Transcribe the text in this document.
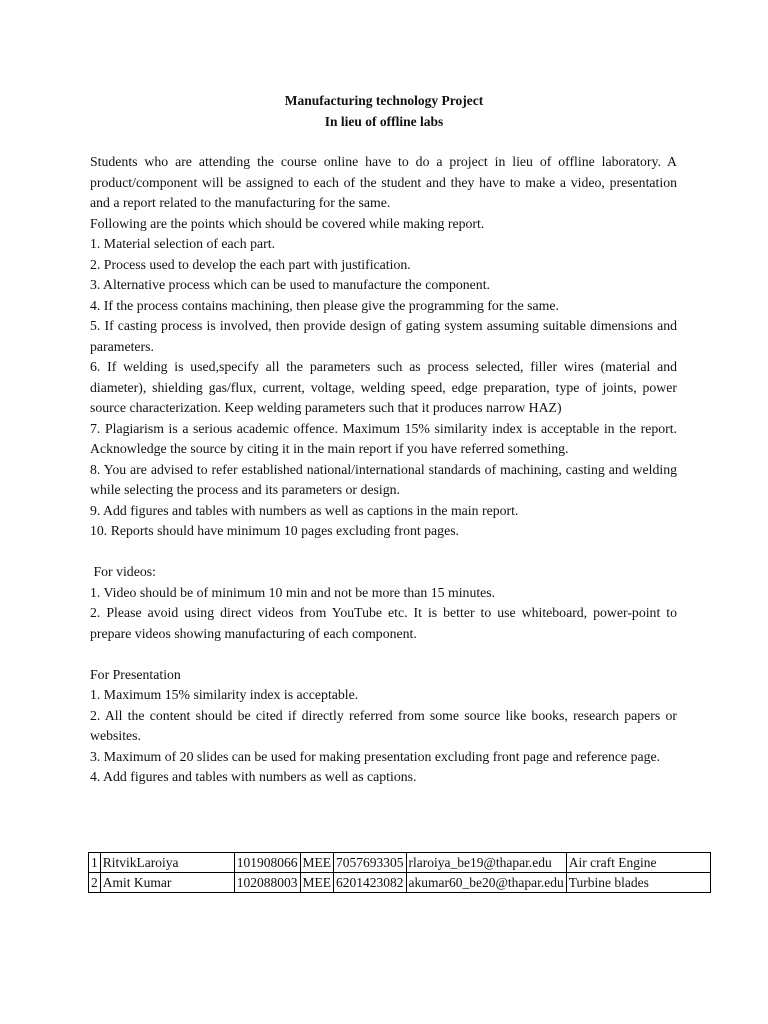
Manufacturing technology Project
In lieu of offline labs

Students who are attending the course online have to do a project in lieu of offline laboratory. A product/component will be assigned to each of the student and they have to make a video, presentation and a report related to the manufacturing for the same.

Following are the points which should be covered while making report.

1. Material selection of each part.

2. Process used to develop the each part with justification.

3. Alternative process which can be used to manufacture the component.

4. If the process contains machining, then please give the programming for the same.

5. If casting process is involved, then provide design of gating system assuming suitable dimensions and parameters.

6. If welding is used,specify all the parameters such as process selected, filler wires (material and diameter), shielding gas/flux, current, voltage, welding speed, edge preparation, type of joints, power source characterization. Keep welding parameters such that it produces narrow HAZ)

7. Plagiarism is a serious academic offence. Maximum 15% similarity index is acceptable in the report. Acknowledge the source by citing it in the main report if you have referred something.

8. You are advised to refer established national/international standards of machining, casting and welding while selecting the process and its parameters or design.

9. Add figures and tables with numbers as well as captions in the main report.

10. Reports should have minimum 10 pages excluding front pages.

For videos:

1. Video should be of minimum 10 min and not be more than 15 minutes.

2. Please avoid using direct videos from YouTube etc. It is better to use whiteboard, power-point to prepare videos showing manufacturing of each component.

For Presentation

1. Maximum 15% similarity index is acceptable.

2. All the content should be cited if directly referred from some source like books, research papers or websites.

3. Maximum of 20 slides can be used for making presentation excluding front page and reference page.

4. Add figures and tables with numbers as well as captions.

1	RitvikLaroiya	101908066	MEE	7057693305	rlaroiya_be19@thapar.edu	Air craft Engine
2	Amit Kumar	102088003	MEE	6201423082	akumar60_be20@thapar.edu	Turbine blades
